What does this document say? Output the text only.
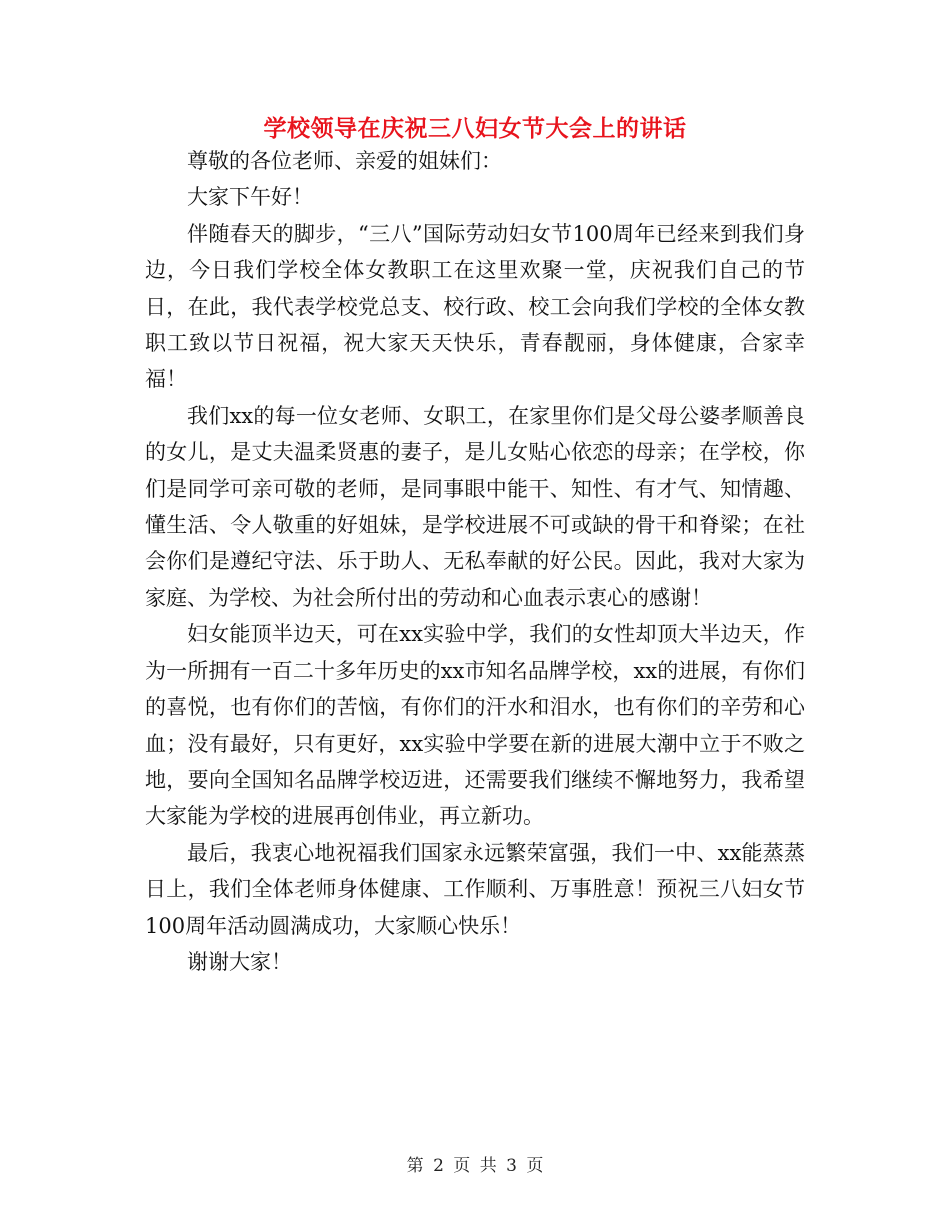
学校领导在庆祝三八妇女节大会上的讲话

尊敬的各位老师、亲爱的姐妹们：

大家下午好！

伴随春天的脚步，“三八”国际劳动妇女节100周年已经来到我们身边，今日我们学校全体女教职工在这里欢聚一堂，庆祝我们自己的节日，在此，我代表学校党总支、校行政、校工会向我们学校的全体女教职工致以节日祝福，祝大家天天快乐，青春靓丽，身体健康，合家幸福！

我们xx的每一位女老师、女职工，在家里你们是父母公婆孝顺善良的女儿，是丈夫温柔贤惠的妻子，是儿女贴心依恋的母亲；在学校，你们是同学可亲可敬的老师，是同事眼中能干、知性、有才气、知情趣、懂生活、令人敬重的好姐妹，是学校进展不可或缺的骨干和脊梁；在社会你们是遵纪守法、乐于助人、无私奉献的好公民。因此，我对大家为家庭、为学校、为社会所付出的劳动和心血表示衷心的感谢！

妇女能顶半边天，可在xx实验中学，我们的女性却顶大半边天，作为一所拥有一百二十多年历史的xx市知名品牌学校，xx的进展，有你们的喜悦，也有你们的苦恼，有你们的汗水和泪水，也有你们的辛劳和心血；没有最好，只有更好，xx实验中学要在新的进展大潮中立于不败之地，要向全国知名品牌学校迈进，还需要我们继续不懈地努力，我希望大家能为学校的进展再创伟业，再立新功。

最后，我衷心地祝福我们国家永远繁荣富强，我们一中、xx能蒸蒸日上，我们全体老师身体健康、工作顺利、万事胜意！预祝三八妇女节100周年活动圆满成功，大家顺心快乐！

谢谢大家！

第 2 页 共 3 页
